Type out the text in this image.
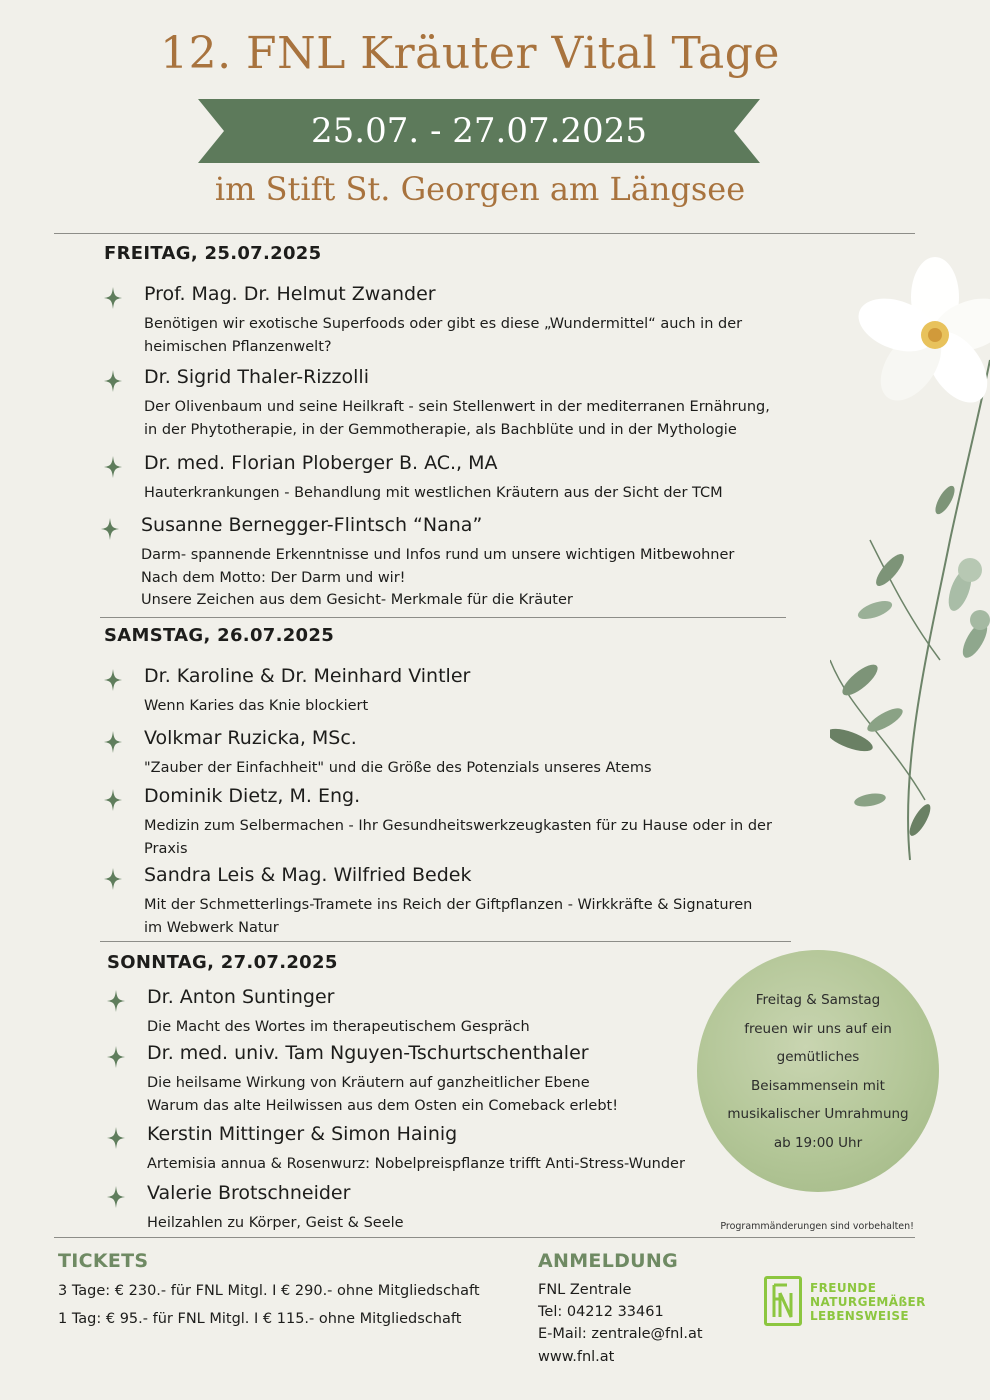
12. FNL Kräuter Vital Tage
25.07. - 27.07.2025
im Stift St. Georgen am Längsee
FREITAG, 25.07.2025
Prof. Mag. Dr. Helmut Zwander
Benötigen wir exotische Superfoods oder gibt es diese „Wundermittel“ auch in der
heimischen Pflanzenwelt?
Dr. Sigrid Thaler-Rizzolli
Der Olivenbaum und seine Heilkraft - sein Stellenwert in der mediterranen Ernährung,
in der Phytotherapie, in der Gemmotherapie, als Bachblüte und in der Mythologie
Dr. med. Florian Ploberger B. AC., MA
Hauterkrankungen - Behandlung mit westlichen Kräutern aus der Sicht der TCM
Susanne Bernegger-Flintsch “Nana”
Darm- spannende Erkenntnisse und Infos rund um unsere wichtigen Mitbewohner
Nach dem Motto: Der Darm und wir!
Unsere Zeichen aus dem Gesicht- Merkmale für die Kräuter
SAMSTAG, 26.07.2025
Dr. Karoline & Dr. Meinhard Vintler
Wenn Karies das Knie blockiert
Volkmar Ruzicka, MSc.
"Zauber der Einfachheit" und die Größe des Potenzials unseres Atems
Dominik Dietz, M. Eng.
Medizin zum Selbermachen - Ihr Gesundheitswerkzeugkasten für zu Hause oder in der
Praxis
Sandra Leis & Mag. Wilfried Bedek
Mit der Schmetterlings-Tramete ins Reich der Giftpflanzen - Wirkkräfte & Signaturen
im Webwerk Natur
SONNTAG, 27.07.2025
Dr. Anton Suntinger
Die Macht des Wortes im therapeutischem Gespräch
Dr. med. univ. Tam Nguyen-Tschurtschenthaler
Die heilsame Wirkung von Kräutern auf ganzheitlicher Ebene
Warum das alte Heilwissen aus dem Osten ein Comeback erlebt!
Kerstin Mittinger & Simon Hainig
Artemisia annua & Rosenwurz: Nobelpreispflanze trifft Anti-Stress-Wunder
Valerie Brotschneider
Heilzahlen zu Körper, Geist & Seele
Freitag & Samstag
freuen wir uns auf ein
gemütliches
Beisammensein mit
musikalischer Umrahmung
ab 19:00 Uhr
Programmänderungen sind vorbehalten!
TICKETS
3 Tage: € 230.- für FNL Mitgl. I € 290.- ohne Mitgliedschaft
1 Tag: € 95.- für FNL Mitgl. I € 115.- ohne Mitgliedschaft
ANMELDUNG
FNL Zentrale
Tel: 04212 33461
E-Mail: zentrale@fnl.at
www.fnl.at
FREUNDE
NATURGEMÄßER
LEBENSWEISE
